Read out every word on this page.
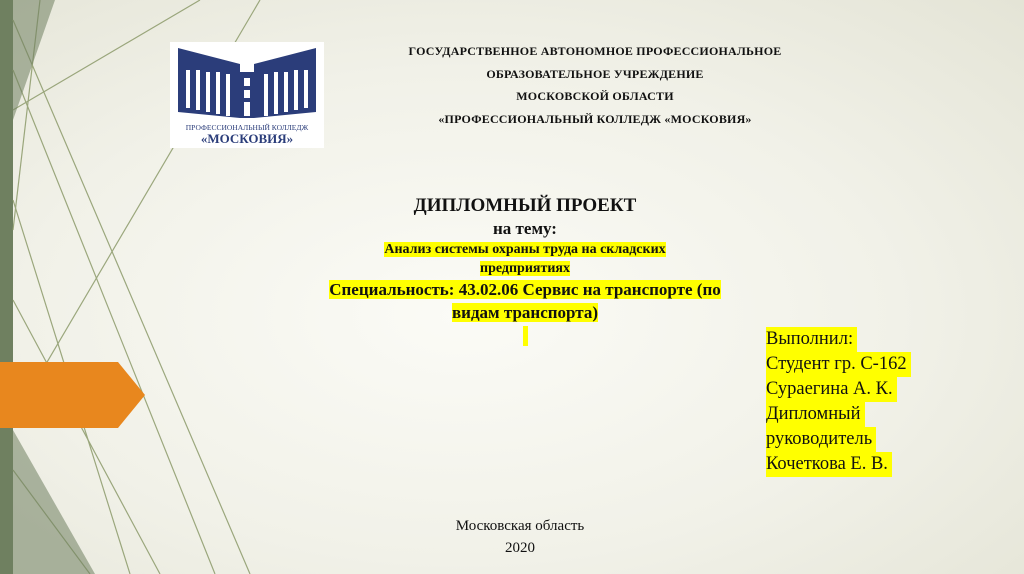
ПРОФЕССИОНАЛЬНЫЙ КОЛЛЕДЖ
«МОСКОВИЯ»
ГОСУДАРСТВЕННОЕ АВТОНОМНОЕ ПРОФЕССИОНАЛЬНОЕ
ОБРАЗОВАТЕЛЬНОЕ УЧРЕЖДЕНИЕ
МОСКОВСКОЙ ОБЛАСТИ
«ПРОФЕССИОНАЛЬНЫЙ КОЛЛЕДЖ «МОСКОВИЯ»
ДИПЛОМНЫЙ ПРОЕКТ
на тему:
Анализ системы охраны труда на складских
предприятиях
Специальность: 43.02.06 Сервис на транспорте (по
видам транспорта)
Выполнил:
Студент гр. С-162
Сураегина А. К.
Дипломный
руководитель
Кочеткова Е. В.
Московская область
2020
